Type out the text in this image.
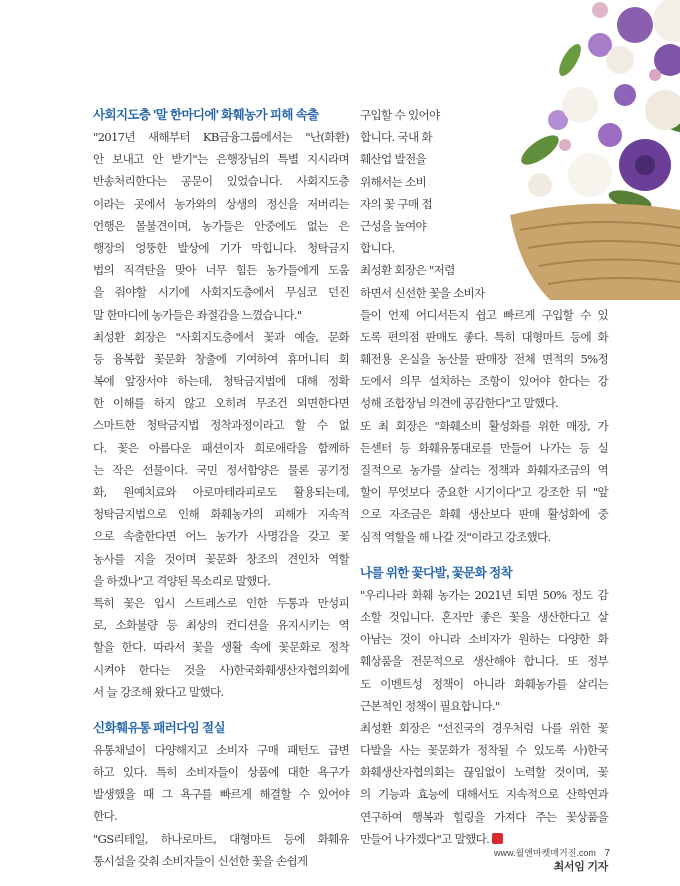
사회지도층 '말 한마디에' 화훼농가 피해 속출
"2017년 새해부터 KB금융그룹에서는 "난(화환)
안 보내고 안 받기"는 은행장님의 특별 지시라며
반송처리한다는 공문이 있었습니다. 사회지도층
이라는 곳에서 농가와의 상생의 정신을 저버리는
언행은 몰불견이며, 농가들은 안중에도 없는 은
행장의 엉뚱한 발상에 기가 막힙니다. 청탁금지
법의 직격탄을 맞아 너무 힘든 농가들에게 도움
을 줘야할 시기에 사회지도층에서 무심코 던진
말 한마디에 농가들은 좌절감을 느꼈습니다."
최성환 회장은 "사회지도층에서 꽃과 예술, 문화
등 융복합 꽃문화 창출에 기여하여 휴머니티 회
복에 앞장서야 하는데, 청탁금지법에 대해 정확
한 이해를 하지 않고 오히려 무조건 외면한다면
스마트한 청탁금지법 정착과정이라고 할 수 없
다. 꽃은 아름다운 패션이자 희로애락을 함께하
는 작은 선물이다. 국민 정서함양은 물론 공기정
화, 원예치료와 아로마테라피로도 활용되는데,
청탁금지법으로 인해 화훼농가의 피해가 지속적
으로 속출한다면 어느 농가가 사명감을 갖고 꽃
농사를 지을 것이며 꽃문화 창조의 견인차 역할
을 하겠나"고 격양된 목소리로 말했다.
특히 꽃은 입시 스트레스로 인한 두통과 만성피
로, 소화불량 등 최상의 컨디션을 유지시키는 역
할을 한다. 따라서 꽃을 생활 속에 꽃문화로 정착
시켜야 한다는 것을 사)한국화훼생산자협의회에
서 늘 강조해 왔다고 말했다.
신화훼유통 패러다임 절실
유통채널이 다양해지고 소비자 구매 패턴도 급변
하고 있다. 특히 소비자들이 상품에 대한 욕구가
발생했을 때 그 욕구를 빠르게 해결할 수 있어야
한다.
"GS리테일, 하나로마트, 대형마트 등에 화훼유
통시설을 갖춰 소비자들이 신선한 꽃을 손쉽게
구입할 수 있어야
합니다. 국내 화
훼산업 발전을
위해서는 소비
자의 꽃 구매 접
근성을 높여야
합니다.
최성환 회장은 "저렴
하면서 신선한 꽃을 소비자
들이 언제 어디서든지 쉽고 빠르게 구입할 수 있
도록 편의점 판매도 좋다. 특히 대형마트 등에 화
훼전용 온실을 농산물 판매장 전체 면적의 5%정
도에서 의무 설치하는 조항이 있어야 한다는 강
성해 조합장님 의견에 공감한다"고 말했다.
또 최 회장은 "화훼소비 활성화를 위한 매장, 가
든센터 등 화훼유통대로를 만들어 나가는 등 실
질적으로 농가를 살리는 정책과 화훼자조금의 역
할이 무엇보다 중요한 시기이다"고 강조한 뒤 "앞
으로 자조금은 화훼 생산보다 판매 활성화에 중
심적 역할을 해 나갈 것"이라고 강조했다.
나를 위한 꽃다발, 꽃문화 정착
"우리나라 화훼 농가는 2021년 되면 50% 정도 감
소할 것입니다. 혼자만 좋은 꽃을 생산한다고 살
아남는 것이 아니라 소비자가 원하는 다양한 화
훼상품을 전문적으로 생산해야 합니다. 또 정부
도 이벤트성 정책이 아니라 화훼농가를 살리는
근본적인 정책이 필요합니다."
최성환 회장은 "선진국의 경우처럼 나를 위한 꽃
다발을 사는 꽃문화가 정착될 수 있도록 사)한국
화훼생산자협의회는 끊임없이 노력할 것이며, 꽃
의 기능과 효능에 대해서도 지속적으로 산학연과
연구하여 행복과 힐링을 가져다 주는 꽃상품을
만들어 나가겠다"고 말했다.
최서임 기자
www.월앤마켓매거진.com 7
